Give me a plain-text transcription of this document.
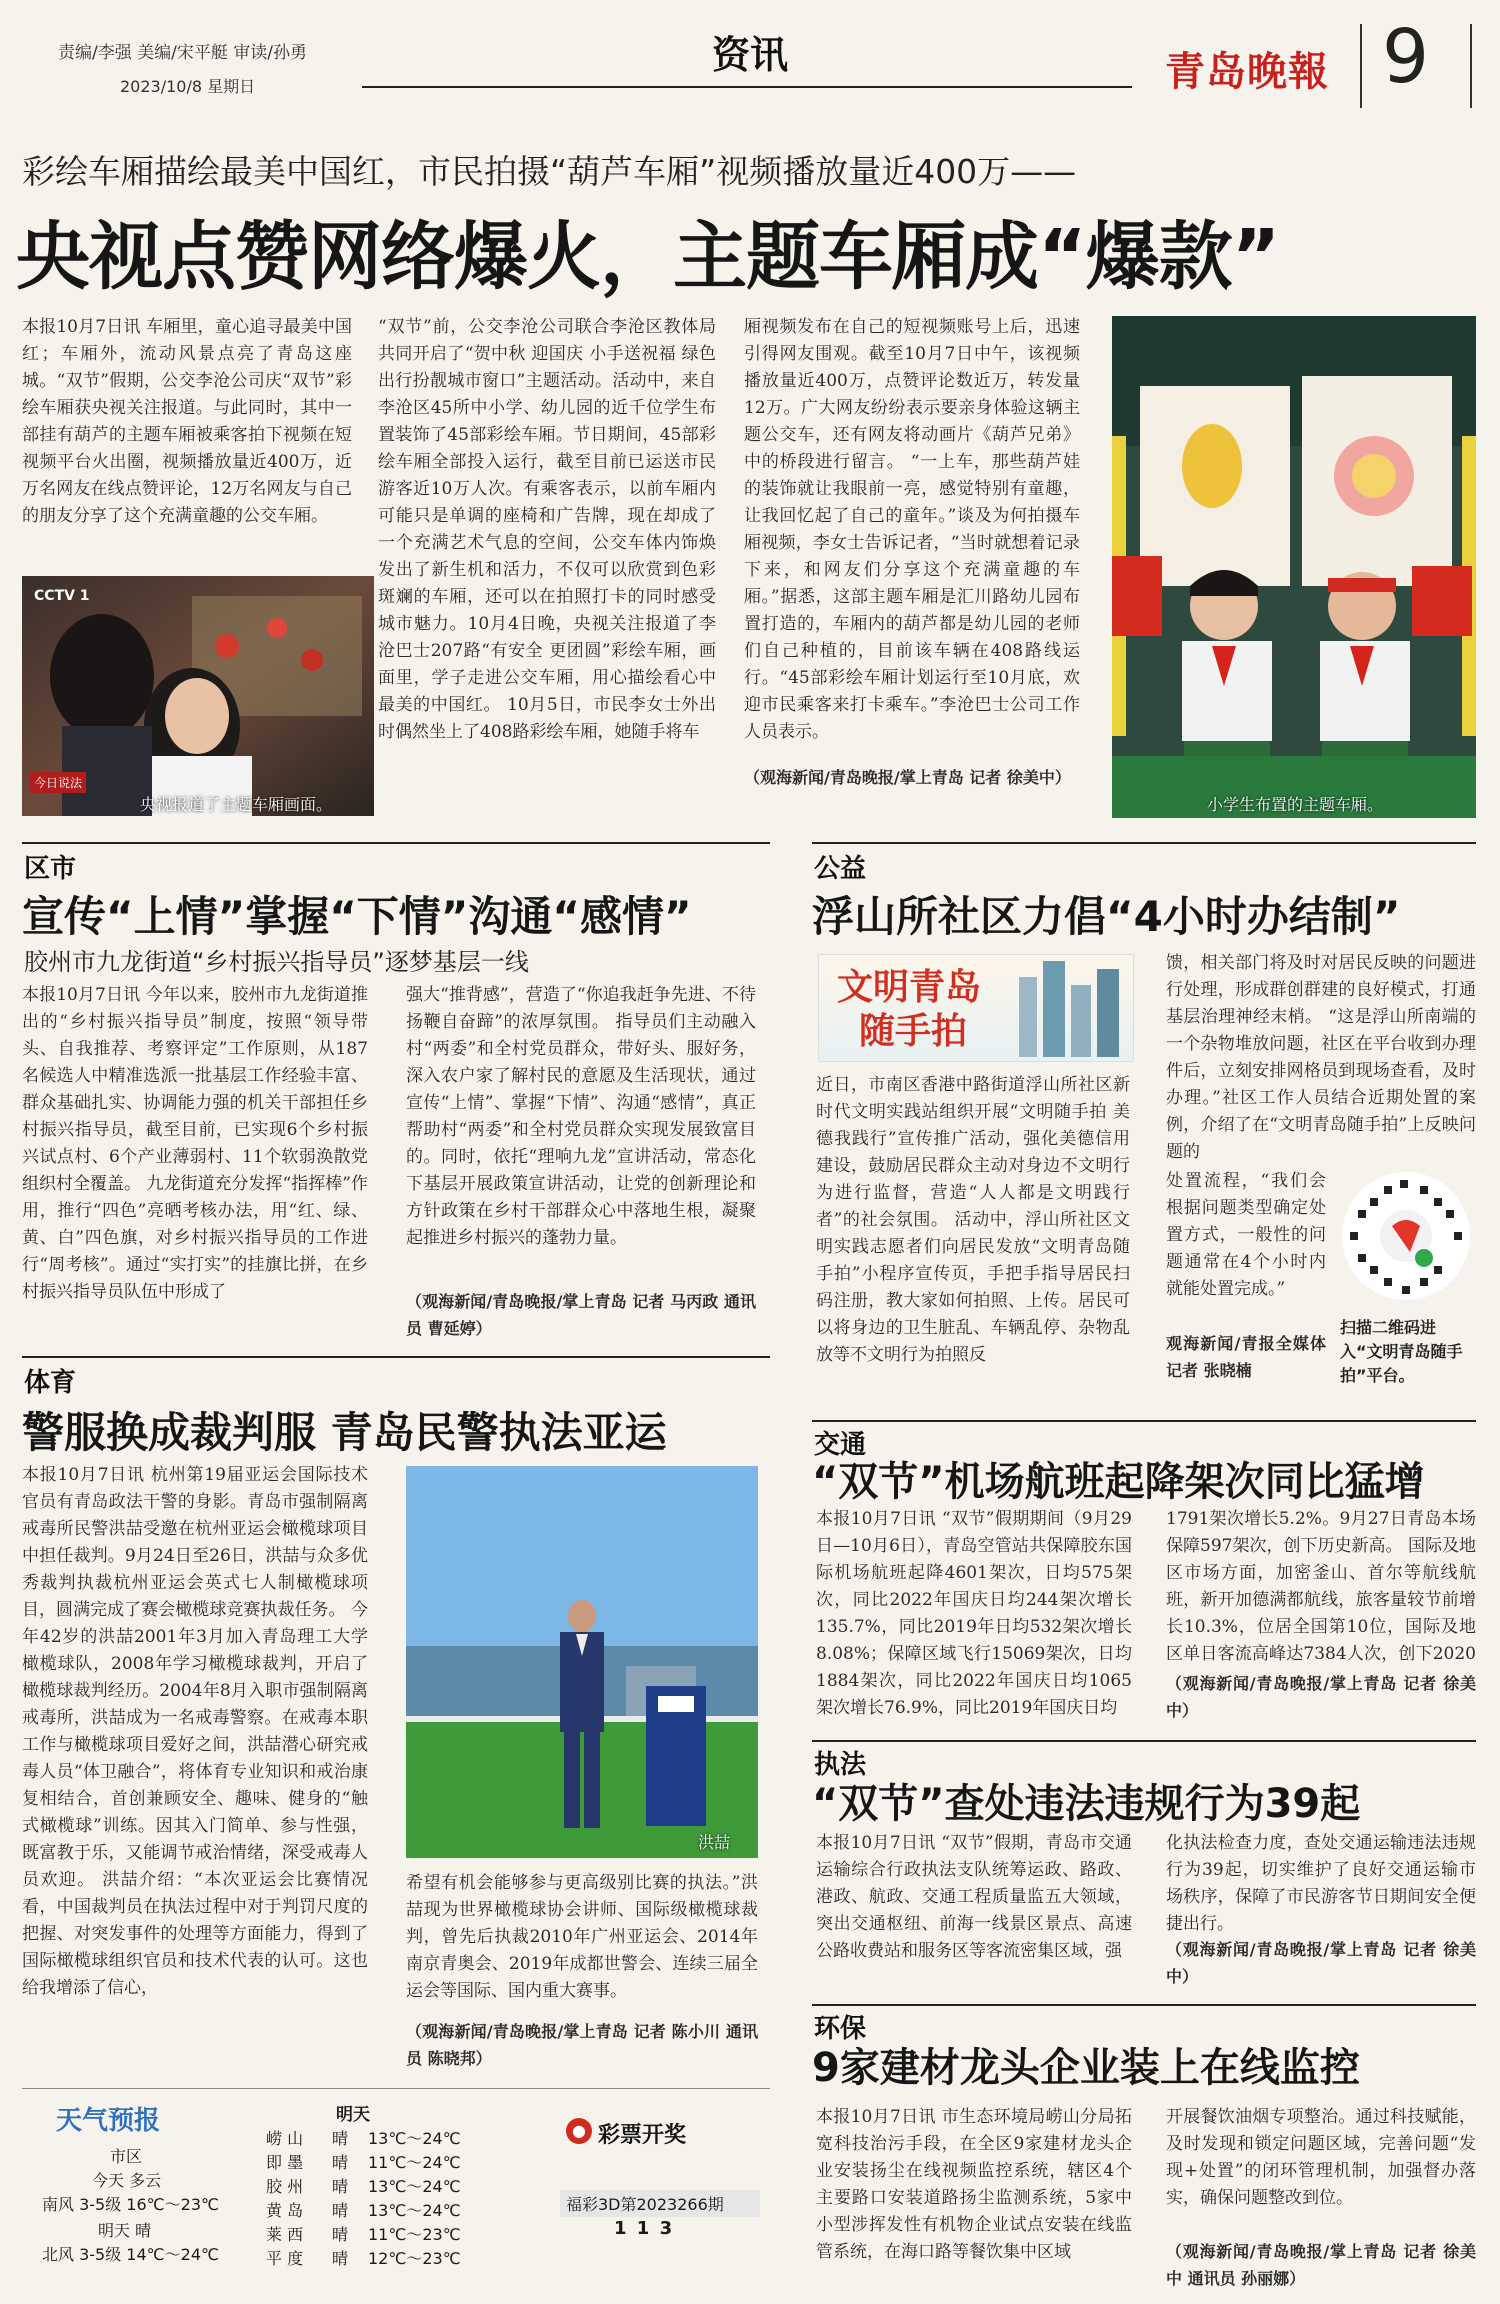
责编/李强 美编/宋平艇 审读/孙勇
2023/10/8 星期日
资讯	青岛晚報 9
彩绘车厢描绘最美中国红，市民拍摄“葫芦车厢”视频播放量近400万——
央视点赞网络爆火，主题车厢成“爆款”
本报10月7日讯 车厢里，童心追寻最美中国红；车厢外，流动风景点亮了青岛这座城。“双节”假期，公交李沧公司庆“双节”彩绘车厢获央视关注报道。与此同时，其中一部挂有葫芦的主题车厢被乘客拍下视频在短视频平台火出圈，视频播放量近400万，近万名网友在线点赞评论，12万名网友与自己的朋友分享了这个充满童趣的公交车厢。
“双节”前，公交李沧公司联合李沧区教体局共同开启了“贺中秋 迎国庆 小手送祝福 绿色出行扮靓城市窗口”主题活动。活动中，来自李沧区45所中小学、幼儿园的近千位学生布置装饰了45部彩绘车厢。节日期间，45部彩绘车厢全部投入运行，截至目前已运送市民游客近10万人次。有乘客表示，以前车厢内可能只是单调的座椅和广告牌，现在却成了一个充满艺术气息的空间，公交车体内饰焕发出了新生机和活力，不仅可以欣赏到色彩斑斓的车厢，还可以在拍照打卡的同时感受城市魅力。10月4日晚，央视关注报道了李沧巴士207路“有安全 更团圆”彩绘车厢，画面里，学子走进公交车厢，用心描绘看心中最美的中国红。 10月5日，市民李女士外出时偶然坐上了408路彩绘车厢，她随手将车
厢视频发布在自己的短视频账号上后，迅速引得网友围观。截至10月7日中午，该视频播放量近400万，点赞评论数近万，转发量12万。广大网友纷纷表示要亲身体验这辆主题公交车，还有网友将动画片《葫芦兄弟》中的桥段进行留言。 “一上车，那些葫芦娃的装饰就让我眼前一亮，感觉特别有童趣，让我回忆起了自己的童年。”谈及为何拍摄车厢视频，李女士告诉记者，“当时就想着记录下来，和网友们分享这个充满童趣的车厢。”据悉，这部主题车厢是汇川路幼儿园布置打造的，车厢内的葫芦都是幼儿园的老师们自己种植的，目前该车辆在408路线运行。“45部彩绘车厢计划运行至10月底，欢迎市民乘客来打卡乘车。”李沧巴士公司工作人员表示。
（观海新闻/青岛晚报/掌上青岛 记者 徐美中）
CCTV 1
今日说法
央视报道了主题车厢画面。	小学生布置的主题车厢。
区市
宣传“上情”掌握“下情”沟通“感情”
胶州市九龙街道“乡村振兴指导员”逐梦基层一线
本报10月7日讯 今年以来，胶州市九龙街道推出的“乡村振兴指导员”制度，按照“领导带头、自我推荐、考察评定”工作原则，从187名候选人中精准选派一批基层工作经验丰富、群众基础扎实、协调能力强的机关干部担任乡村振兴指导员，截至目前，已实现6个乡村振兴试点村、6个产业薄弱村、11个软弱涣散党组织村全覆盖。 九龙街道充分发挥“指挥棒”作用，推行“四色”亮晒考核办法，用“红、绿、黄、白”四色旗，对乡村振兴指导员的工作进行“周考核”。通过“实打实”的挂旗比拼，在乡村振兴指导员队伍中形成了
强大“推背感”，营造了“你追我赶争先进、不待扬鞭自奋蹄”的浓厚氛围。 指导员们主动融入村“两委”和全村党员群众，带好头、服好务，深入农户家了解村民的意愿及生活现状，通过宣传“上情”、掌握“下情”、沟通“感情”，真正帮助村“两委”和全村党员群众实现发展致富目的。同时，依托“理响九龙”宣讲活动，常态化下基层开展政策宣讲活动，让党的创新理论和方针政策在乡村干部群众心中落地生根，凝聚起推进乡村振兴的蓬勃力量。
（观海新闻/青岛晚报/掌上青岛 记者 马丙政 通讯员 曹延婷）
公益
浮山所社区力倡“4小时办结制”
文明青岛
随手拍
近日，市南区香港中路街道浮山所社区新时代文明实践站组织开展“文明随手拍 美德我践行”宣传推广活动，强化美德信用建设，鼓励居民群众主动对身边不文明行为进行监督，营造“人人都是文明践行者”的社会氛围。 活动中，浮山所社区文明实践志愿者们向居民发放“文明青岛随手拍”小程序宣传页，手把手指导居民扫码注册，教大家如何拍照、上传。居民可以将身边的卫生脏乱、车辆乱停、杂物乱放等不文明行为拍照反
馈，相关部门将及时对居民反映的问题进行处理，形成群创群建的良好模式，打通基层治理神经末梢。 “这是浮山所南端的一个杂物堆放问题，社区在平台收到办理件后，立刻安排网格员到现场查看，及时办理。”社区工作人员结合近期处置的案例，介绍了在“文明青岛随手拍”上反映问题的
处置流程，“我们会根据问题类型确定处置方式，一般性的问题通常在4个小时内就能处置完成。”
观海新闻/青报全媒体 记者 张晓楠
扫描二维码进入“文明青岛随手拍”平台。
体育
警服换成裁判服 青岛民警执法亚运
本报10月7日讯 杭州第19届亚运会国际技术官员有青岛政法干警的身影。青岛市强制隔离戒毒所民警洪喆受邀在杭州亚运会橄榄球项目中担任裁判。9月24日至26日，洪喆与众多优秀裁判执裁杭州亚运会英式七人制橄榄球项目，圆满完成了赛会橄榄球竞赛执裁任务。 今年42岁的洪喆2001年3月加入青岛理工大学橄榄球队，2008年学习橄榄球裁判，开启了橄榄球裁判经历。2004年8月入职市强制隔离戒毒所，洪喆成为一名戒毒警察。在戒毒本职工作与橄榄球项目爱好之间，洪喆潜心研究戒毒人员“体卫融合”，将体育专业知识和戒治康复相结合，首创兼顾安全、趣味、健身的“触式橄榄球”训练。因其入门简单、参与性强，既富教于乐，又能调节戒治情绪，深受戒毒人员欢迎。 洪喆介绍：“本次亚运会比赛情况看，中国裁判员在执法过程中对于判罚尺度的把握、对突发事件的处理等方面能力，得到了国际橄榄球组织官员和技术代表的认可。这也给我增添了信心，
洪喆
希望有机会能够参与更高级别比赛的执法。”洪喆现为世界橄榄球协会讲师、国际级橄榄球裁判，曾先后执裁2010年广州亚运会、2014年南京青奥会、2019年成都世警会、连续三届全运会等国际、国内重大赛事。
（观海新闻/青岛晚报/掌上青岛 记者 陈小川 通讯员 陈晓邦）
交通
“双节”机场航班起降架次同比猛增
本报10月7日讯 “双节”假期期间（9月29日—10月6日），青岛空管站共保障胶东国际机场航班起降4601架次，日均575架次，同比2022年国庆日均244架次增长135.7%，同比2019年日均532架次增长8.08%；保障区域飞行15069架次，日均1884架次，同比2022年国庆日均1065架次增长76.9%，同比2019年国庆日均
1791架次增长5.2%。9月27日青岛本场保障597架次，创下历史新高。 国际及地区市场方面，加密釜山、首尔等航线航班，新开加德满都航线，旅客量较节前增长10.3%，位居全国第10位，国际及地区单日客流高峰达7384人次，创下2020
（观海新闻/青岛晚报/掌上青岛 记者 徐美中）
执法
“双节”查处违法违规行为39起
本报10月7日讯 “双节”假期，青岛市交通运输综合行政执法支队统筹运政、路政、港政、航政、交通工程质量监五大领域，突出交通枢纽、前海一线景区景点、高速公路收费站和服务区等客流密集区域，强
化执法检查力度，查处交通运输违法违规行为39起，切实维护了良好交通运输市场秩序，保障了市民游客节日期间安全便捷出行。
（观海新闻/青岛晚报/掌上青岛 记者 徐美中）
环保
9家建材龙头企业装上在线监控
本报10月7日讯 市生态环境局崂山分局拓宽科技治污手段，在全区9家建材龙头企业安装扬尘在线视频监控系统，辖区4个主要路口安装道路扬尘监测系统，5家中小型涉挥发性有机物企业试点安装在线监管系统，在海口路等餐饮集中区域
开展餐饮油烟专项整治。通过科技赋能，及时发现和锁定问题区域，完善问题“发现+处置”的闭环管理机制，加强督办落实，确保问题整改到位。
（观海新闻/青岛晚报/掌上青岛 记者 徐美中 通讯员 孙丽娜）
天气预报
市区
今天 多云
南风 3-5级 16℃～23℃
明天 晴
北风 3-5级 14℃～24℃
明天
崂 山	晴	13℃～24℃
即 墨	晴	11℃～24℃
胶 州	晴	13℃～24℃
黄 岛	晴	13℃～24℃
莱 西	晴	11℃～23℃
平 度	晴	12℃～23℃
● 彩票开奖
福彩3D第2023266期
1 1 3
